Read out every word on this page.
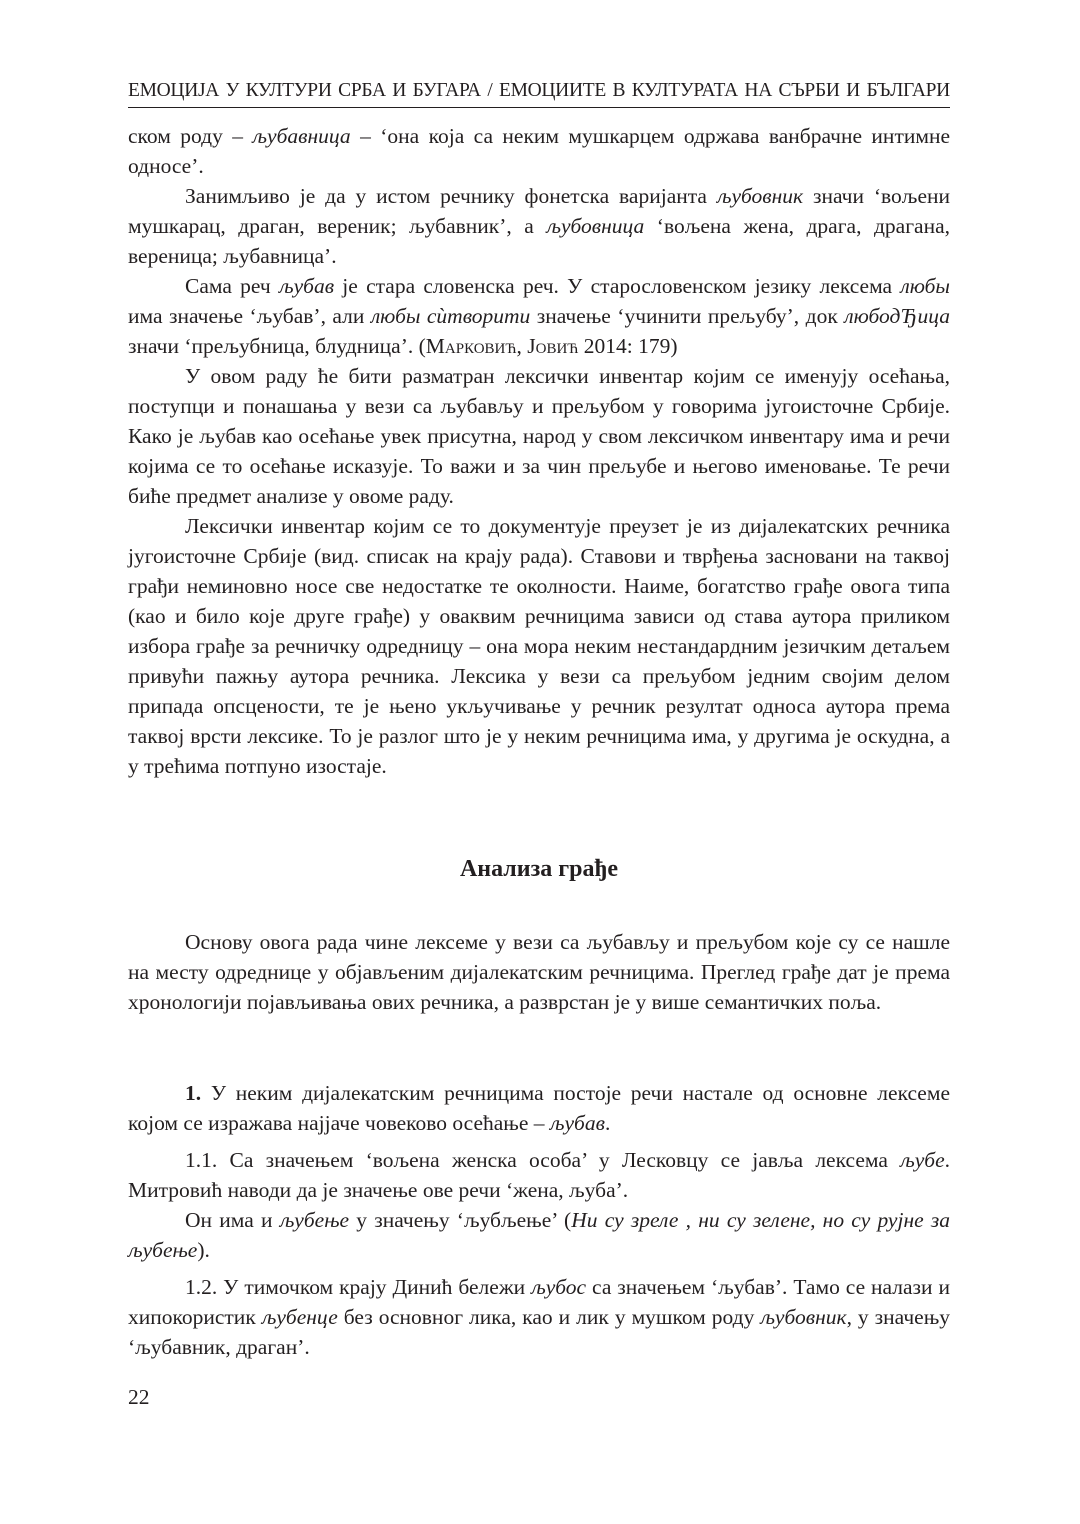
ЕМОЦИЈА У КУЛТУРИ СРБА И БУГАРА / ЕМОЦИИТЕ В КУЛТУРАТА НА СЪРБИ И БЪЛГАРИ

ском роду – љубавница – ‘она која са неким мушкарцем одржава ванбрачне интимне односе’.

Занимљиво је да у истом речнику фонетска варијанта љубовник значи ‘вољени мушкарац, драган, вереник; љубавник’, а љубовница ‘вољена жена, драга, драгана, вереница; љубавница’.

Сама реч љубав је стара словенска реч. У старословенском језику лексема любы има значење ‘љубав’, али любы сѝтворити значење ‘учинити прељубу’, док любодЂица значи ‘прељубница, блудница’. (Марковић, Јовић 2014: 179)

У овом раду ће бити разматран лексички инвентар којим се именују осећања, поступци и понашања у вези са љубављу и прељубом у говорима југоисточне Србије. Како је љубав као осећање увек присутна, народ у свом лексичком инвентару има и речи којима се то осећање исказује. То важи и за чин прељубе и његово именовање. Те речи биће предмет анализе у овоме раду.

Лексички инвентар којим се то документује преузет је из дијалекатских речника југоисточне Србије (вид. списак на крају рада). Ставови и тврђења засновани на таквој грађи неминовно носе све недостатке те околности. Наиме, богатство грађе овога типа (као и било које друге грађе) у оваквим речницима зависи од става аутора приликом избора грађе за речничку одредницу – она мора неким нестандардним језичким детаљем привући пажњу аутора речника. Лексика у вези са прељубом једним својим делом припада опсцености, те је њено укључивање у речник резултат односа аутора према таквој врсти лексике. То је разлог што је у неким речницима има, у другима је оскудна, а у трећима потпуно изостаје.

Анализа грађе

Основу овога рада чине лексеме у вези са љубављу и прељубом које су се нашле на месту одреднице у објављеним дијалекатским речницима. Преглед грађе дат је према хронологији појављивања ових речника, а разврстан је у више семантичких поља.

1. У неким дијалекатским речницима постоје речи настале од основне лексеме којом се изражава најјаче човеково осећање – љубав.

1.1. Са значењем ‘вољена женска особа’ у Лесковцу се јавља лексема љубе. Митровић наводи да је значење ове речи ‘жена, љуба’.

Он има и љубење у значењу ‘љубљење’ (Ни су зреле , ни су зелене, но су рујне за љубење).

1.2. У тимочком крају Динић бележи љубос са значењем ‘љубав’. Тамо се налази и хипокористик љубенце без основног лика, као и лик у мушком роду љубовник, у значењу ‘љубавник, драган’.

22
